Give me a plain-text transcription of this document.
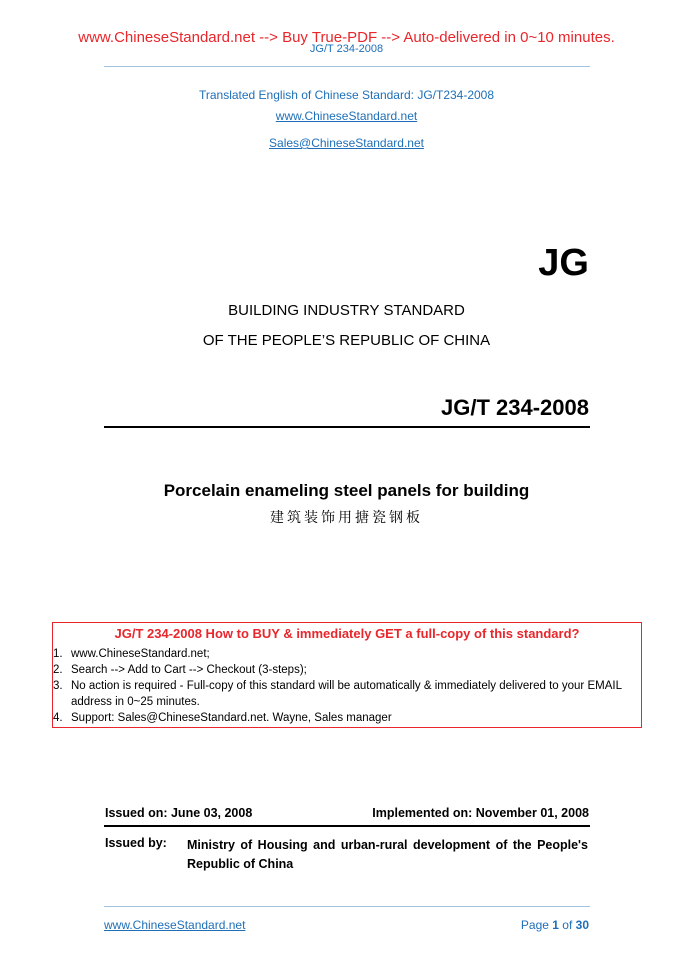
www.ChineseStandard.net --> Buy True-PDF --> Auto-delivered in 0~10 minutes.
JG/T 234-2008
Translated English of Chinese Standard: JG/T234-2008
www.ChineseStandard.net
Sales@ChineseStandard.net
JG
BUILDING INDUSTRY STANDARD
OF THE PEOPLE’S REPUBLIC OF CHINA
JG/T 234-2008
Porcelain enameling steel panels for building
建筑装饰用搪瓷钢板
JG/T 234-2008 How to BUY & immediately GET a full-copy of this standard?
1. www.ChineseStandard.net;
2. Search --> Add to Cart --> Checkout (3-steps);
3. No action is required - Full-copy of this standard will be automatically & immediately delivered to your EMAIL address in 0~25 minutes.
4. Support: Sales@ChineseStandard.net. Wayne, Sales manager
Issued on: June 03, 2008	Implemented on: November 01, 2008
Issued by: Ministry of Housing and urban-rural development of the People's Republic of China
www.ChineseStandard.net	Page 1 of 30
